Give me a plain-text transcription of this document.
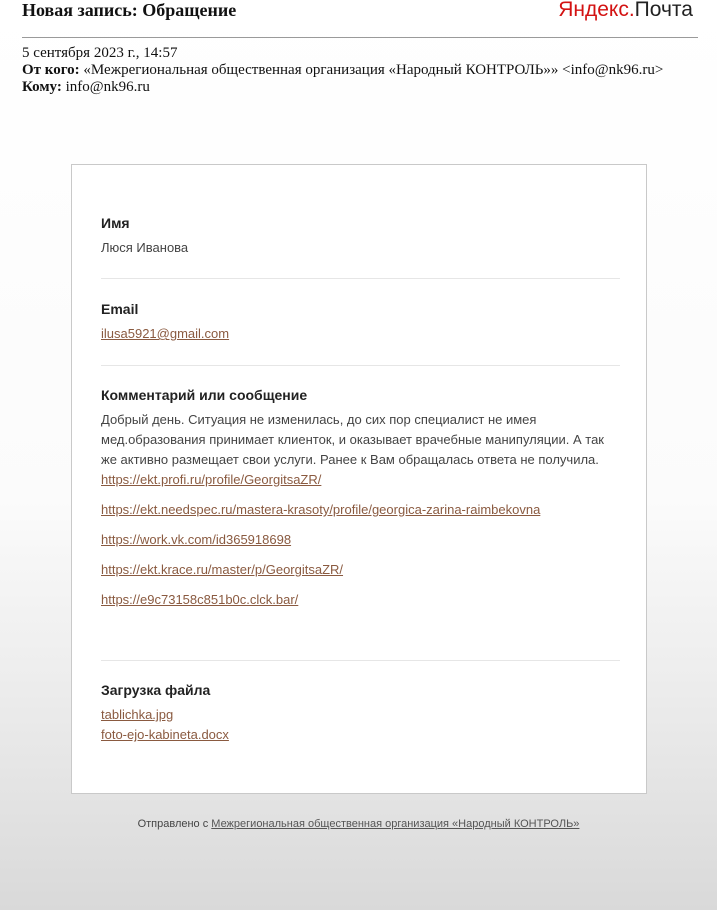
Новая запись: Обращение	Яндекс.Почта
5 сентября 2023 г., 14:57
От кого: «Межрегиональная общественная организация «Народный КОНТРОЛЬ»» <info@nk96.ru>
Кому: info@nk96.ru
Имя
Люся Иванова
Email
ilusa5921@gmail.com
Комментарий или сообщение
Добрый день. Ситуация не изменилась, до сих пор специалист не имея мед.образования принимает клиенток, и оказывает врачебные манипуляции. А так же активно размещает свои услуги. Ранее к Вам обращалась ответа не получила.
https://ekt.profi.ru/profile/GeorgitsaZR/
https://ekt.needspec.ru/mastera-krasoty/profile/georgica-zarina-raimbekovna
https://work.vk.com/id365918698
https://ekt.krace.ru/master/p/GeorgitsaZR/
https://e9c73158c851b0c.clck.bar/
Загрузка файла
tablichka.jpg
foto-ejo-kabineta.docx
Отправлено с Межрегиональная общественная организация «Народный КОНТРОЛЬ»
